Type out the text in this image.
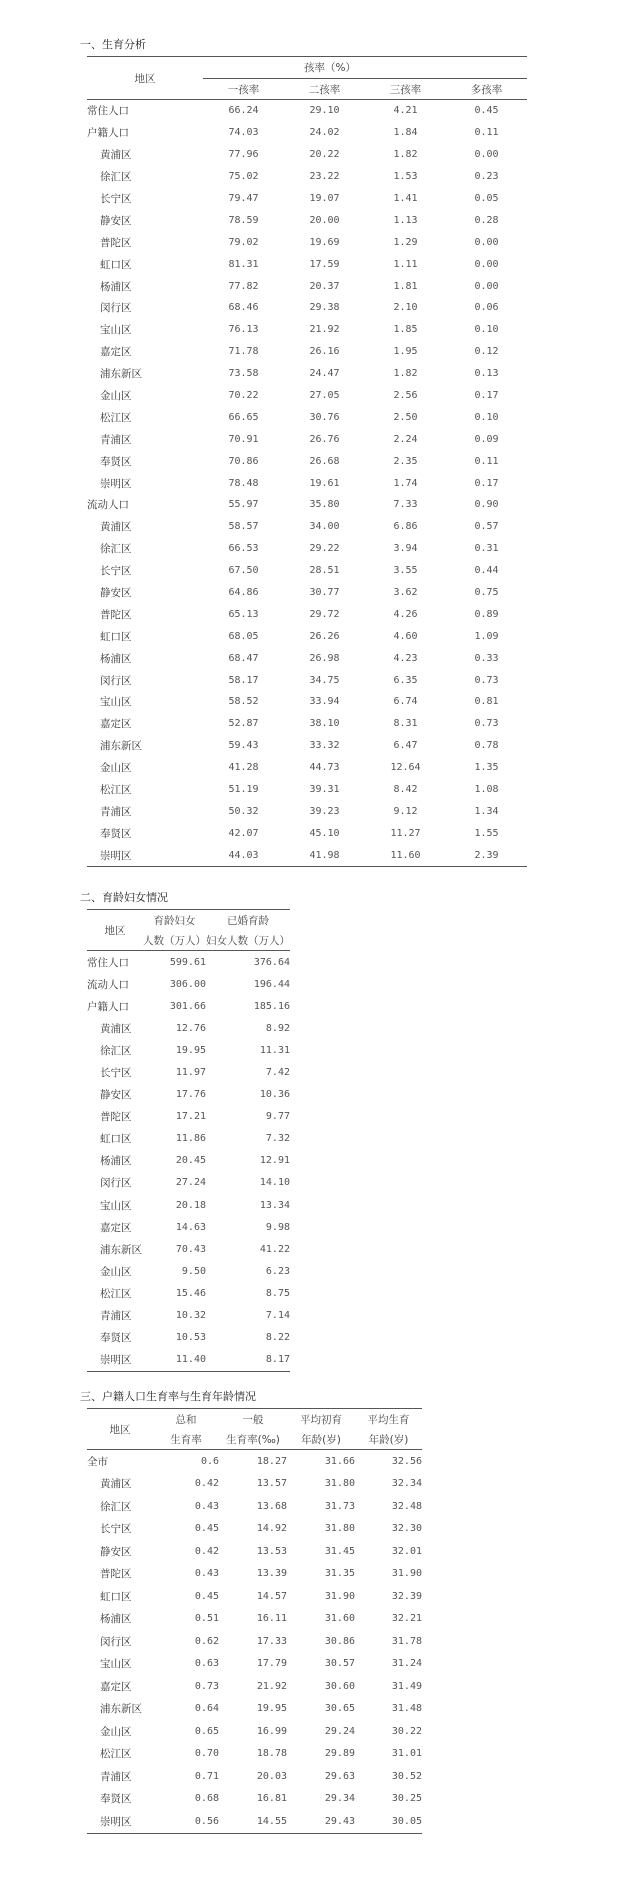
一、生育分析
地区	孩率（%）			
	一孩率	二孩率	三孩率	多孩率
常住人口	66.24	29.10	4.21	0.45
户籍人口	74.03	24.02	1.84	0.11
黄浦区	77.96	20.22	1.82	0.00
徐汇区	75.02	23.22	1.53	0.23
长宁区	79.47	19.07	1.41	0.05
静安区	78.59	20.00	1.13	0.28
普陀区	79.02	19.69	1.29	0.00
虹口区	81.31	17.59	1.11	0.00
杨浦区	77.82	20.37	1.81	0.00
闵行区	68.46	29.38	2.10	0.06
宝山区	76.13	21.92	1.85	0.10
嘉定区	71.78	26.16	1.95	0.12
浦东新区	73.58	24.47	1.82	0.13
金山区	70.22	27.05	2.56	0.17
松江区	66.65	30.76	2.50	0.10
青浦区	70.91	26.76	2.24	0.09
奉贤区	70.86	26.68	2.35	0.11
崇明区	78.48	19.61	1.74	0.17
流动人口	55.97	35.80	7.33	0.90
黄浦区	58.57	34.00	6.86	0.57
徐汇区	66.53	29.22	3.94	0.31
长宁区	67.50	28.51	3.55	0.44
静安区	64.86	30.77	3.62	0.75
普陀区	65.13	29.72	4.26	0.89
虹口区	68.05	26.26	4.60	1.09
杨浦区	68.47	26.98	4.23	0.33
闵行区	58.17	34.75	6.35	0.73
宝山区	58.52	33.94	6.74	0.81
嘉定区	52.87	38.10	8.31	0.73
浦东新区	59.43	33.32	6.47	0.78
金山区	41.28	44.73	12.64	1.35
松江区	51.19	39.31	8.42	1.08
青浦区	50.32	39.23	9.12	1.34
奉贤区	42.07	45.10	11.27	1.55
崇明区	44.03	41.98	11.60	2.39
二、育龄妇女情况
地区	育龄妇女	已婚育龄
	人数（万人）	妇女人数（万人）
常住人口	599.61	376.64
流动人口	306.00	196.44
户籍人口	301.66	185.16
黄浦区	12.76	8.92
徐汇区	19.95	11.31
长宁区	11.97	7.42
静安区	17.76	10.36
普陀区	17.21	9.77
虹口区	11.86	7.32
杨浦区	20.45	12.91
闵行区	27.24	14.10
宝山区	20.18	13.34
嘉定区	14.63	9.98
浦东新区	70.43	41.22
金山区	9.50	6.23
松江区	15.46	8.75
青浦区	10.32	7.14
奉贤区	10.53	8.22
崇明区	11.40	8.17
三、户籍人口生育率与生育年龄情况
地区	总和	一般	平均初育	平均生育
	生育率	生育率(‰)	年龄(岁)	年龄(岁)
全市	0.6	18.27	31.66	32.56
黄浦区	0.42	13.57	31.80	32.34
徐汇区	0.43	13.68	31.73	32.48
长宁区	0.45	14.92	31.80	32.30
静安区	0.42	13.53	31.45	32.01
普陀区	0.43	13.39	31.35	31.90
虹口区	0.45	14.57	31.90	32.39
杨浦区	0.51	16.11	31.60	32.21
闵行区	0.62	17.33	30.86	31.78
宝山区	0.63	17.79	30.57	31.24
嘉定区	0.73	21.92	30.60	31.49
浦东新区	0.64	19.95	30.65	31.48
金山区	0.65	16.99	29.24	30.22
松江区	0.70	18.78	29.89	31.01
青浦区	0.71	20.03	29.63	30.52
奉贤区	0.68	16.81	29.34	30.25
崇明区	0.56	14.55	29.43	30.05
